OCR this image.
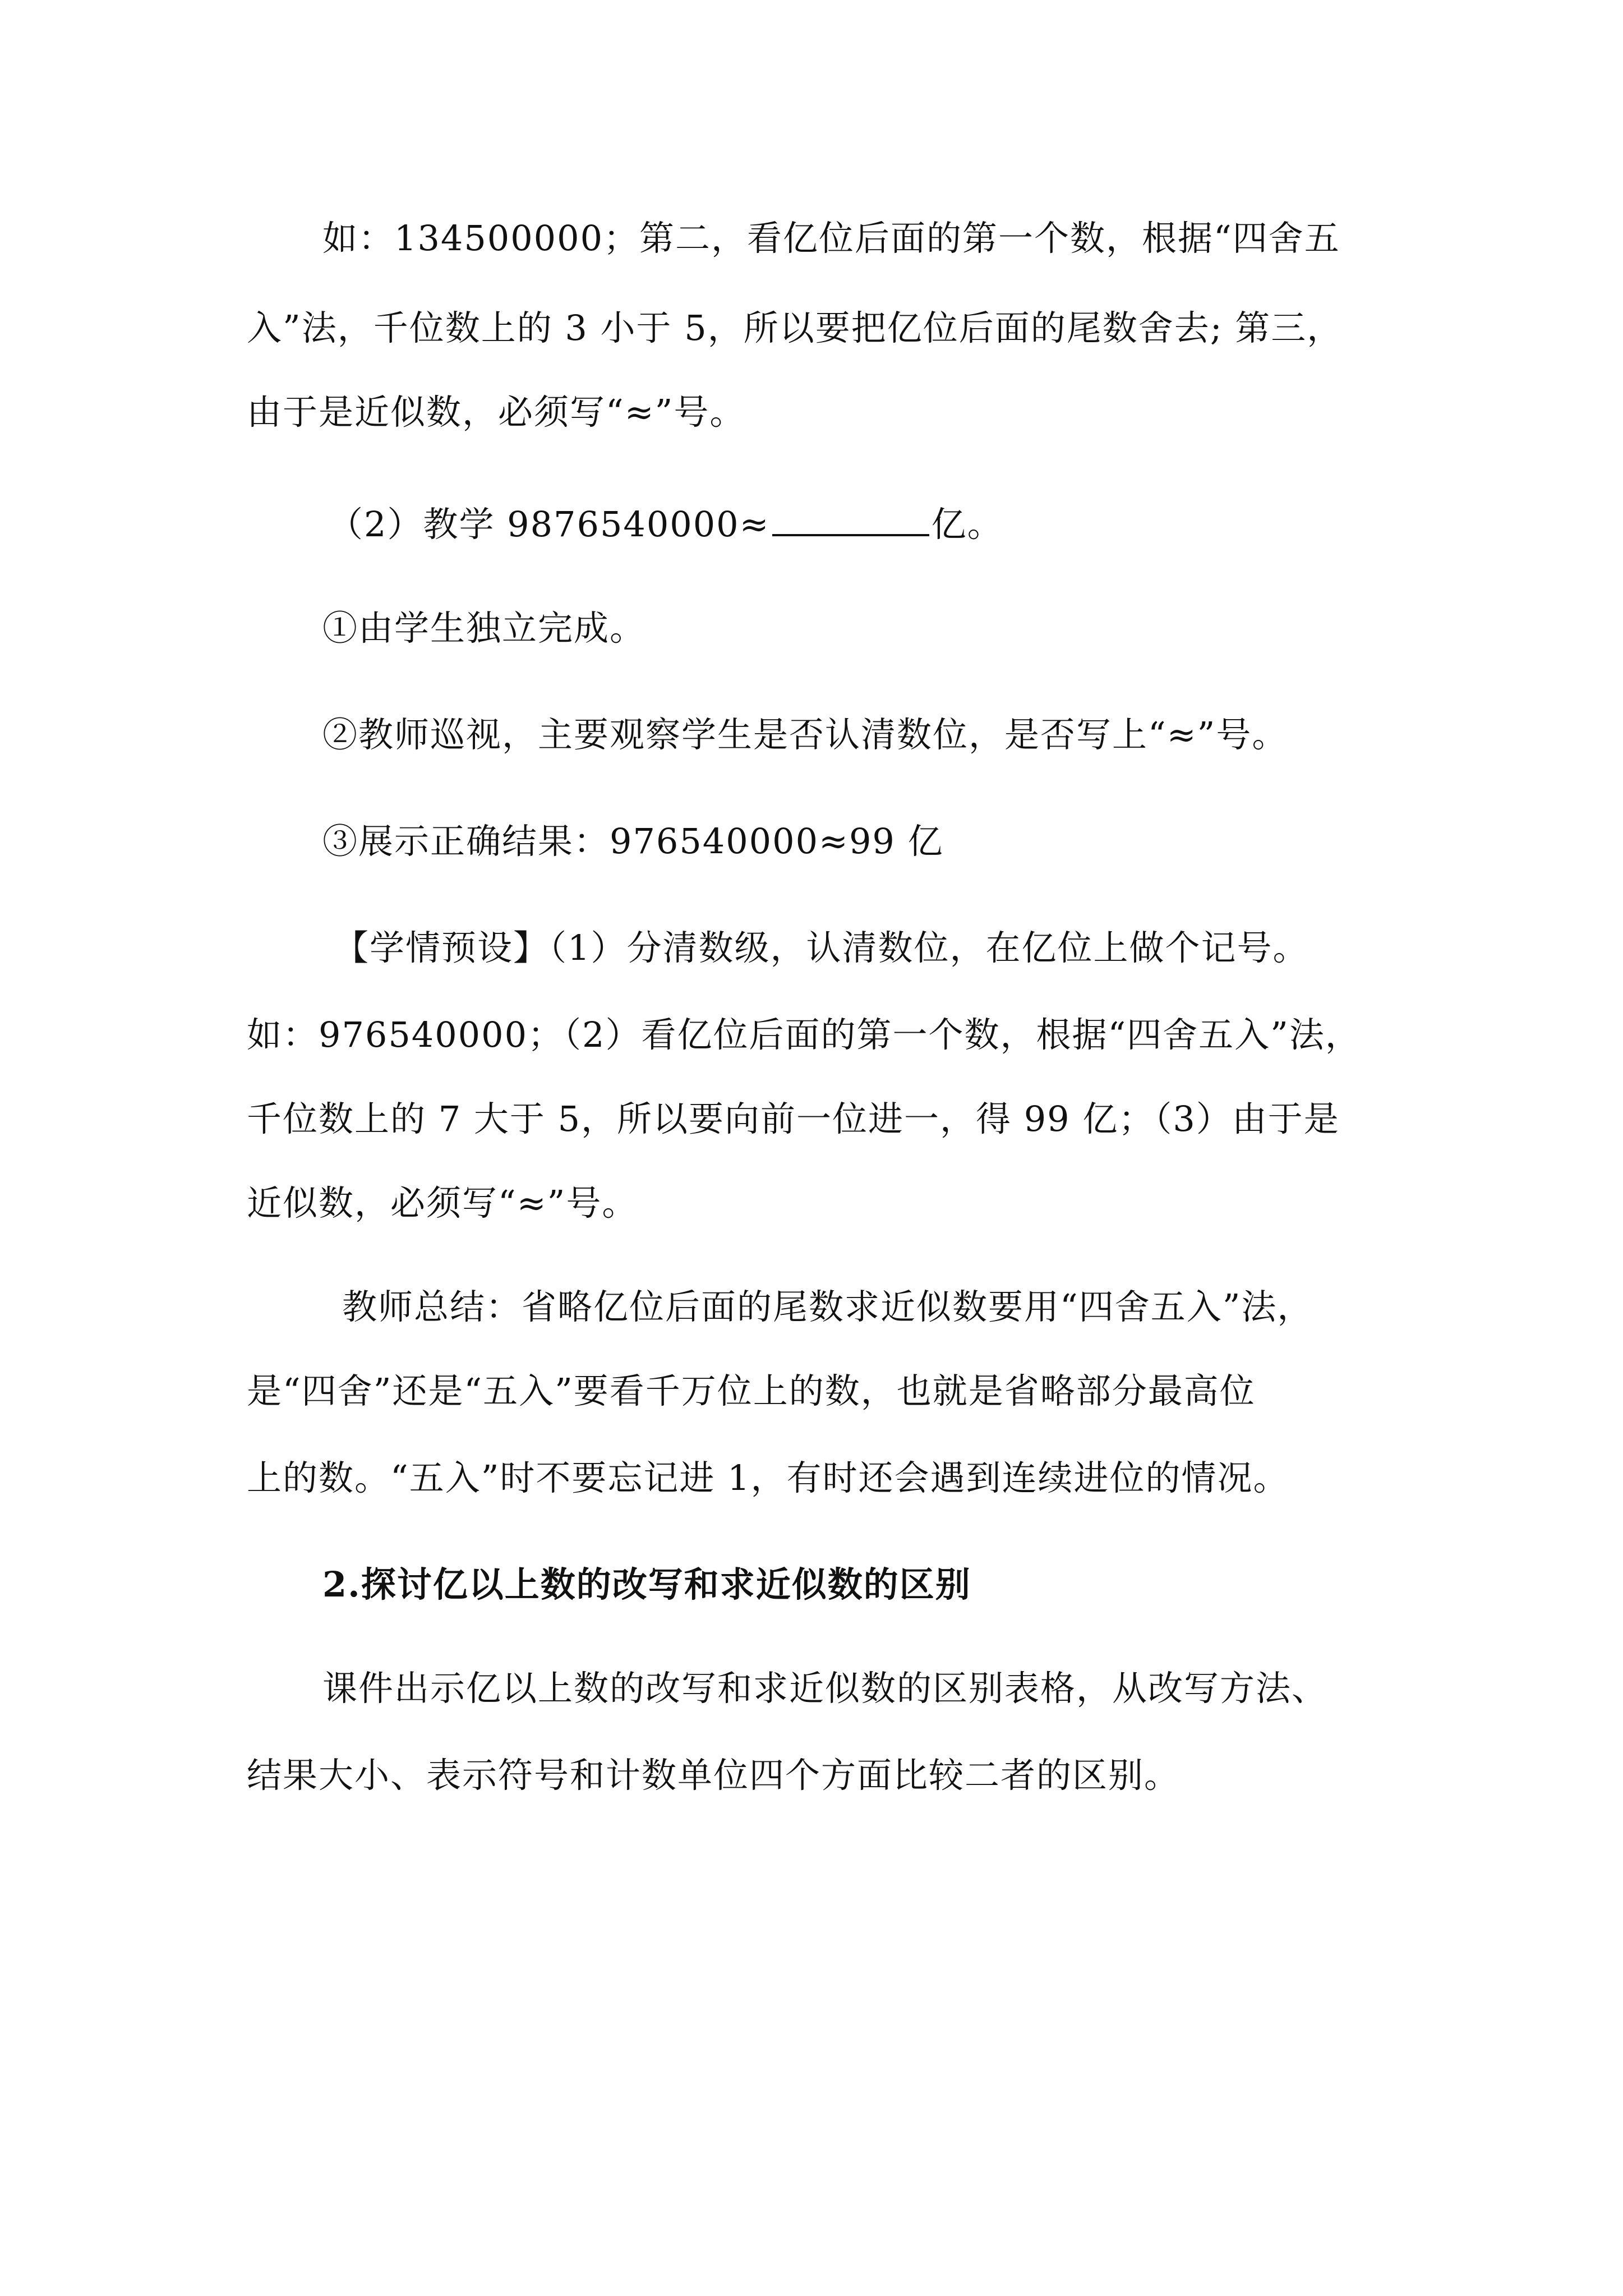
如：134500000；第二，看亿位后面的第一个数，根据“四舍五
入”法，千位数上的 3 小于 5，所以要把亿位后面的尾数舍去; 第三，
由于是近似数，必须写“≈”号。
（2）教学 9876540000≈	亿。
①由学生独立完成。
②教师巡视，主要观察学生是否认清数位，是否写上“≈”号。
③展示正确结果：976540000≈99 亿
【学情预设】（1）分清数级，认清数位，在亿位上做个记号。
如：976540000；（2）看亿位后面的第一个数，根据“四舍五入”法，
千位数上的 7 大于 5，所以要向前一位进一，得 99 亿；（3）由于是
近似数，必须写“≈”号。
教师总结：省略亿位后面的尾数求近似数要用“四舍五入”法，
是“四舍”还是“五入”要看千万位上的数，也就是省略部分最高位
上的数。“五入”时不要忘记进 1，有时还会遇到连续进位的情况。
2.探讨亿以上数的改写和求近似数的区别
课件出示亿以上数的改写和求近似数的区别表格，从改写方法、
结果大小、表示符号和计数单位四个方面比较二者的区别。
